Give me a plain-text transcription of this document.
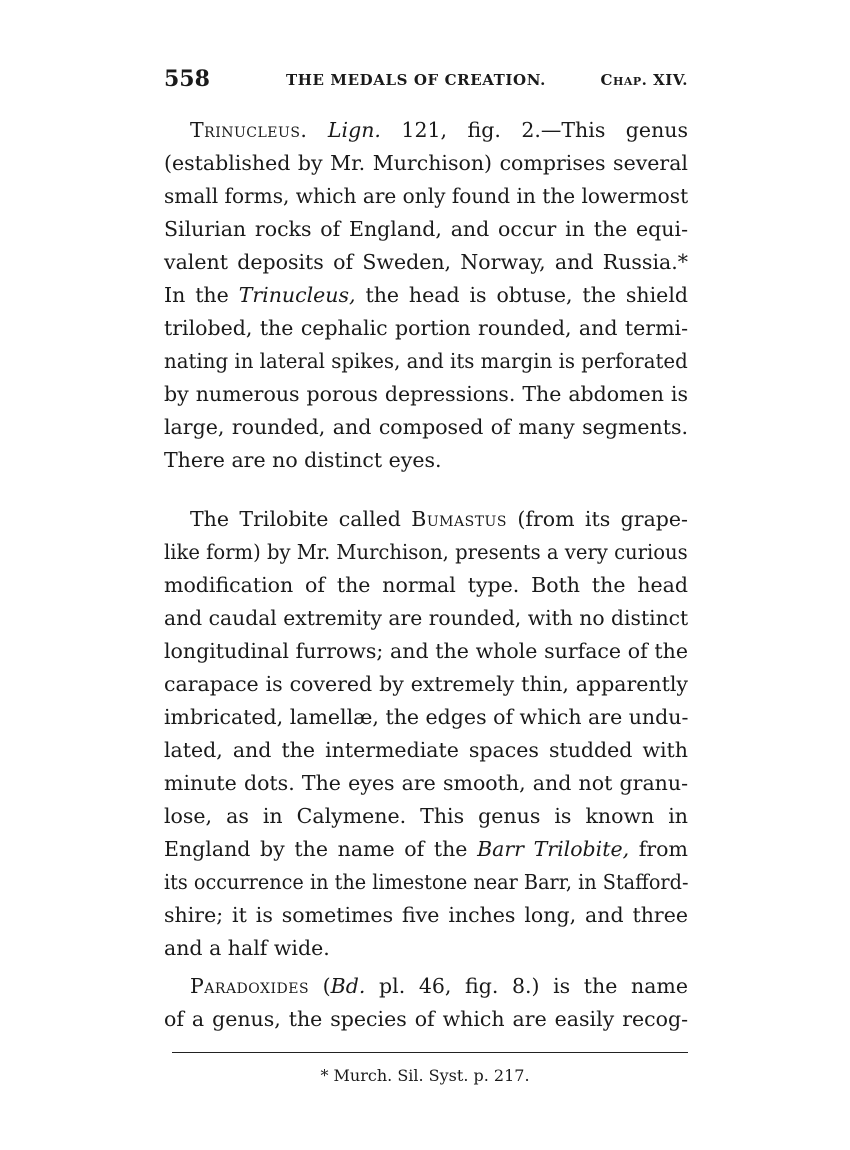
558	THE MEDALS OF CREATION.	Chap. XIV.
Trinucleus. Lign. 121, fig. 2.—This genus
(established by Mr. Murchison) comprises several
small forms, which are only found in the lowermost
Silurian rocks of England, and occur in the equi-
valent deposits of Sweden, Norway, and Russia.*
In the Trinucleus, the head is obtuse, the shield
trilobed, the cephalic portion rounded, and termi-
nating in lateral spikes, and its margin is perforated
by numerous porous depressions. The abdomen is
large, rounded, and composed of many segments.
There are no distinct eyes.
The Trilobite called Bumastus (from its grape-
like form) by Mr. Murchison, presents a very curious
modification of the normal type. Both the head
and caudal extremity are rounded, with no distinct
longitudinal furrows; and the whole surface of the
carapace is covered by extremely thin, apparently
imbricated, lamellæ, the edges of which are undu-
lated, and the intermediate spaces studded with
minute dots. The eyes are smooth, and not granu-
lose, as in Calymene. This genus is known in
England by the name of the Barr Trilobite, from
its occurrence in the limestone near Barr, in Stafford-
shire; it is sometimes five inches long, and three
and a half wide.
Paradoxides (Bd. pl. 46, fig. 8.) is the name
of a genus, the species of which are easily recog-
* Murch. Sil. Syst. p. 217.
